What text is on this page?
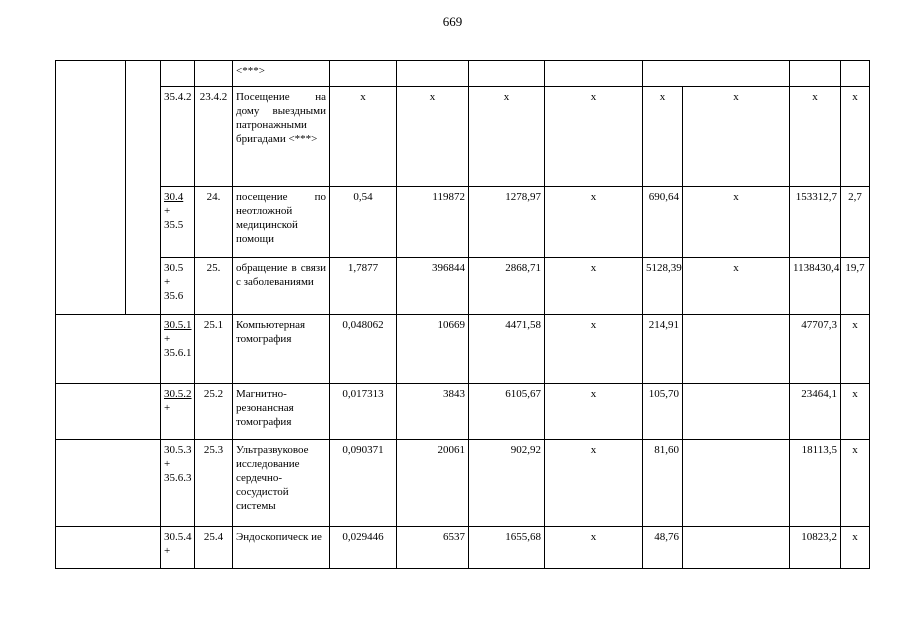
669
				<***>									
		35.4.2	23.4.2	Посещение на дому выездными патронажными бригадами <***>	x	x	x	x	x	x	x	x	
		30.4 + 35.5	24.	посещение по неотложной медицинской помощи	0,54	119872	1278,97	x	690,64	x	153312,7	2,7	
		30.5 + 35.6	25.	обращение в связи с заболеваниями	1,7877	396844	2868,71	x	5128,39	x	1138430,4	19,7	
		30.5.1 + 35.6.1	25.1	Компьютерная томография	0,048062	10669	4471,58	x	214,91		47707,3	x	
		30.5.2 +	25.2	Магнитно-резонансная томография	0,017313	3843	6105,67	x	105,70		23464,1	x	
		30.5.3 + 35.6.3	25.3	Ультразвуковое исследование сердечно-сосудистой системы	0,090371	20061	902,92	x	81,60		18113,5	x	
		30.5.4 +	25.4	Эндоскопическ ие	0,029446	6537	1655,68	x	48,76		10823,2	x	
